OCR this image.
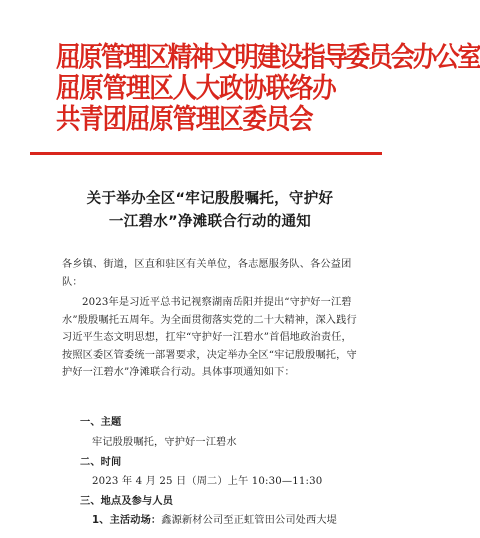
屈原管理区精神文明建设指导委员会办公室
屈原管理区人大政协联络办
共青团屈原管理区委员会
关于举办全区“牢记殷殷嘱托，守护好
一江碧水”净滩联合行动的通知
各乡镇、街道，区直和驻区有关单位，各志愿服务队、各公益团队：
2023年是习近平总书记视察湖南岳阳并提出“守护好一江碧水”殷殷嘱托五周年。为全面贯彻落实党的二十大精神，深入践行习近平生态文明思想，扛牢“守护好一江碧水”首倡地政治责任，按照区委区管委统一部署要求，决定举办全区“牢记殷殷嘱托，守护好一江碧水”净滩联合行动。具体事项通知如下：
一、主题
牢记殷殷嘱托，守护好一江碧水
二、时间
2023 年 4 月 25 日（周二）上午 10:30—11:30
三、地点及参与人员
1、主活动场：鑫源新材公司至正虹管田公司处西大堤
